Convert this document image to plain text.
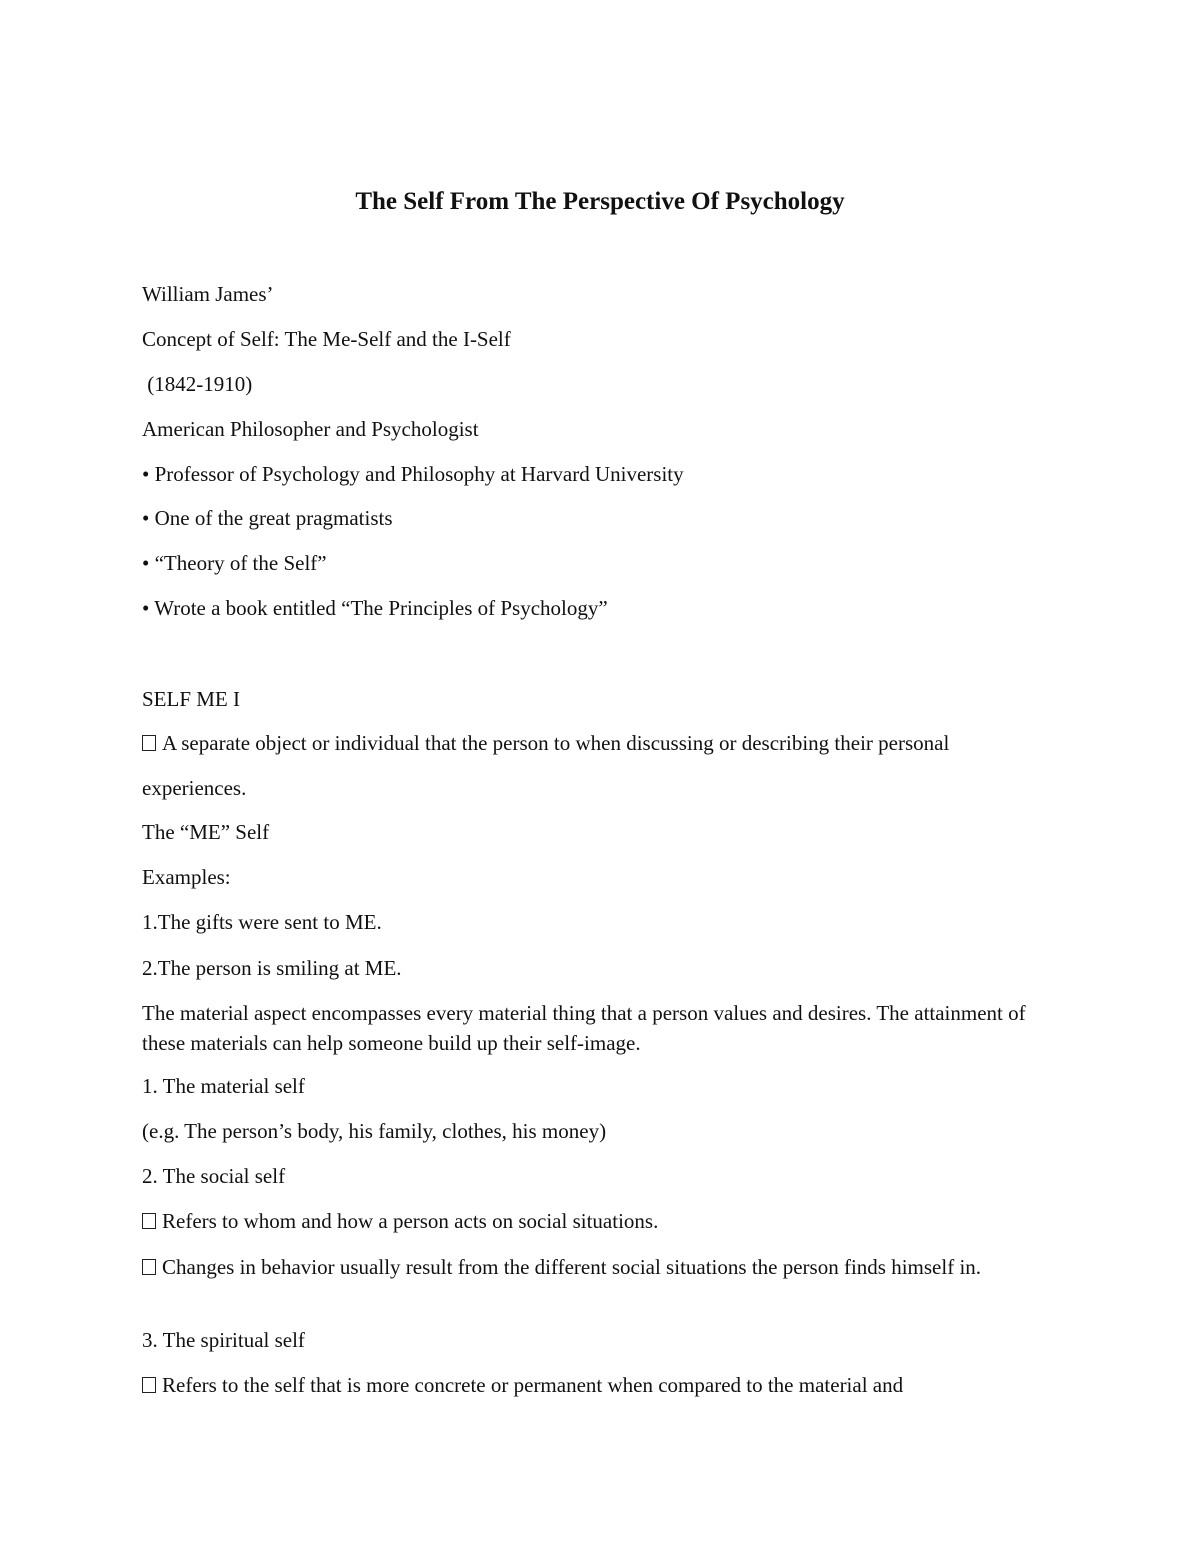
The Self From The Perspective Of Psychology

William James’

Concept of Self: The Me-Self and the I-Self

(1842-1910)

American Philosopher and Psychologist

• Professor of Psychology and Philosophy at Harvard University

• One of the great pragmatists

• “Theory of the Self”

• Wrote a book entitled “The Principles of Psychology”

SELF ME I

A separate object or individual that the person to when discussing or describing their personal

experiences.

The “ME” Self

Examples:

1.The gifts were sent to ME.

2.The person is smiling at ME.

The material aspect encompasses every material thing that a person values and desires. The attainment of these materials can help someone build up their self-image.

1. The material self

(e.g. The person’s body, his family, clothes, his money)

2. The social self

Refers to whom and how a person acts on social situations.

Changes in behavior usually result from the different social situations the person finds himself in.

3. The spiritual self

Refers to the self that is more concrete or permanent when compared to the material and
